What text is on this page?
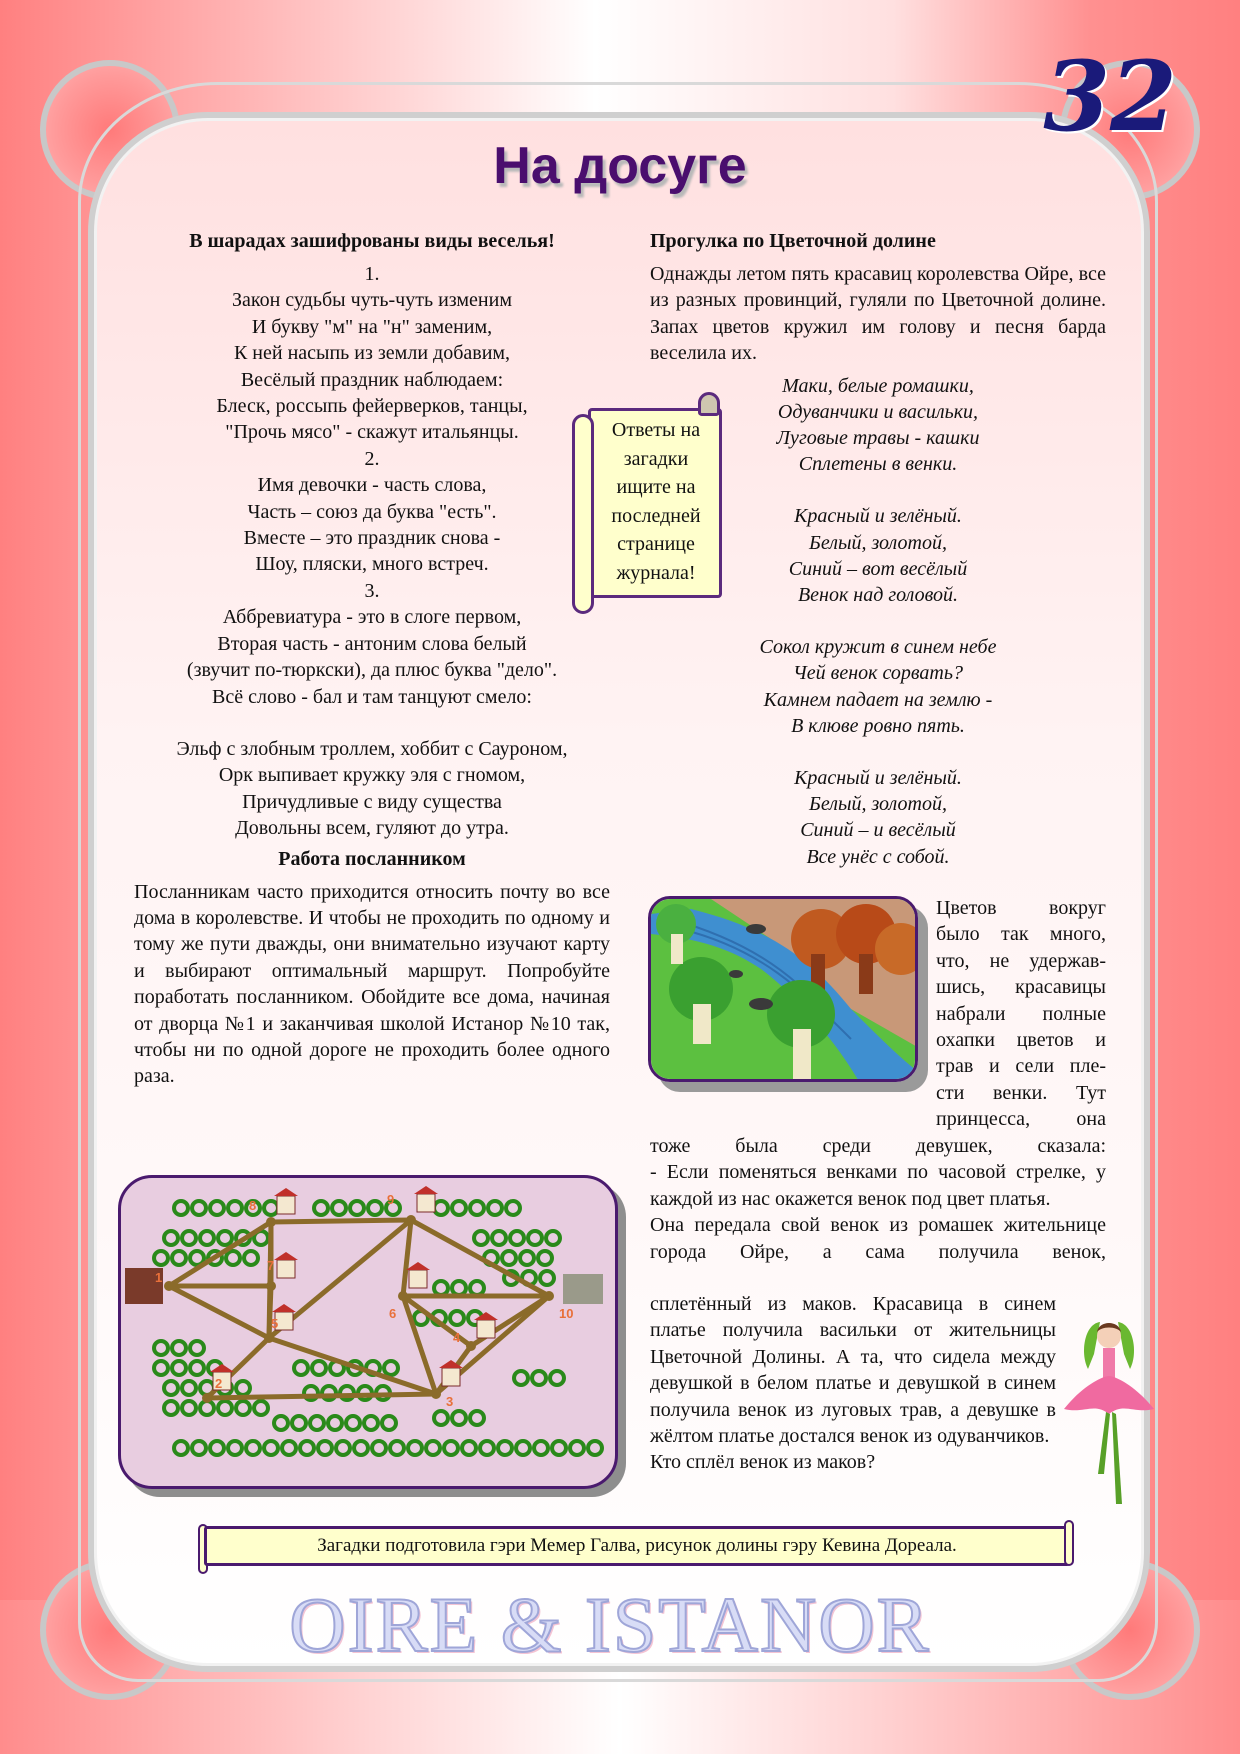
32
На досуге
В шарадах зашифрованы виды веселья!
1.
Закон судьбы чуть-чуть изменим
И букву "м" на "н" заменим,
К ней насыпь из земли добавим,
Весёлый праздник наблюдаем:
Блеск, россыпь фейерверков, танцы,
"Прочь мясо" - скажут итальянцы.
2.
Имя девочки - часть слова,
Часть – союз да буква "есть".
Вместе – это праздник снова -
Шоу, пляски, много встреч.
3.
Аббревиатура - это в слоге первом,
Вторая часть - антоним слова белый
(звучит по-тюркски), да плюс буква "дело".
Всё слово - бал и там танцуют смело:
Эльф с злобным троллем, хоббит с Сауроном,
Орк выпивает кружку эля с гномом,
Причудливые с виду существа
Довольны всем, гуляют до утра.
Работа посланником

Посланникам часто приходится относить почту во все дома в королевстве. И чтобы не проходить по одному и тому же пути дважды, они внимательно изучают карту и выбирают оптимальный маршрут. Попробуйте поработать посланником. Обойдите все дома, начиная от дворца №1 и заканчивая школой Истанор №10 так, чтобы ни по одной дороге не проходить более одного раза.

1
2
3
4
5
6
7
8	9
10
Ответы на
загадки
ищите на
последней
странице
журнала!
Прогулка по Цветочной долине

Однажды летом пять красавиц королевства Ойре, все из разных провинций, гуляли по Цветочной долине. Запах цветов кружил им голову и песня барда веселила их.

Маки, белые ромашки,
Одуванчики и васильки,
Луговые травы - кашки
Сплетены в венки.
Красный и зелёный.
Белый, золотой,
Синий – вот весёлый
Венок над головой.
Сокол кружит в синем небе
Чей венок сорвать?
Камнем падает на землю -
В клюве ровно пять.
Красный и зелёный.
Белый, золотой,
Синий – и весёлый
Все унёс с собой.
Цветов вокруг
было так много,
что, не удержав-
шись, красавицы
набрали полные
охапки цветов и
трав и сели пле-
сти венки. Тут
принцесса, она
тоже была среди девушек, сказала:
- Если поменяться венками по часовой стрелке, у каждой из нас окажется венок под цвет платья.
Она передала свой венок из ромашек жительнице города Ойре, а сама получила венок,
сплетённый из маков. Красавица в синем платье получила васильки от жительницы Цветочной Долины. А та, что сидела между девушкой в белом платье и девушкой в синем получила венок из луговых трав, а девушке в жёлтом платье достался венок из одуванчиков.
Кто сплёл венок из маков?
Загадки подготовила гэри Мемер Галва, рисунок долины гэру Кевина Дореала.
OIRE & ISTANOR
